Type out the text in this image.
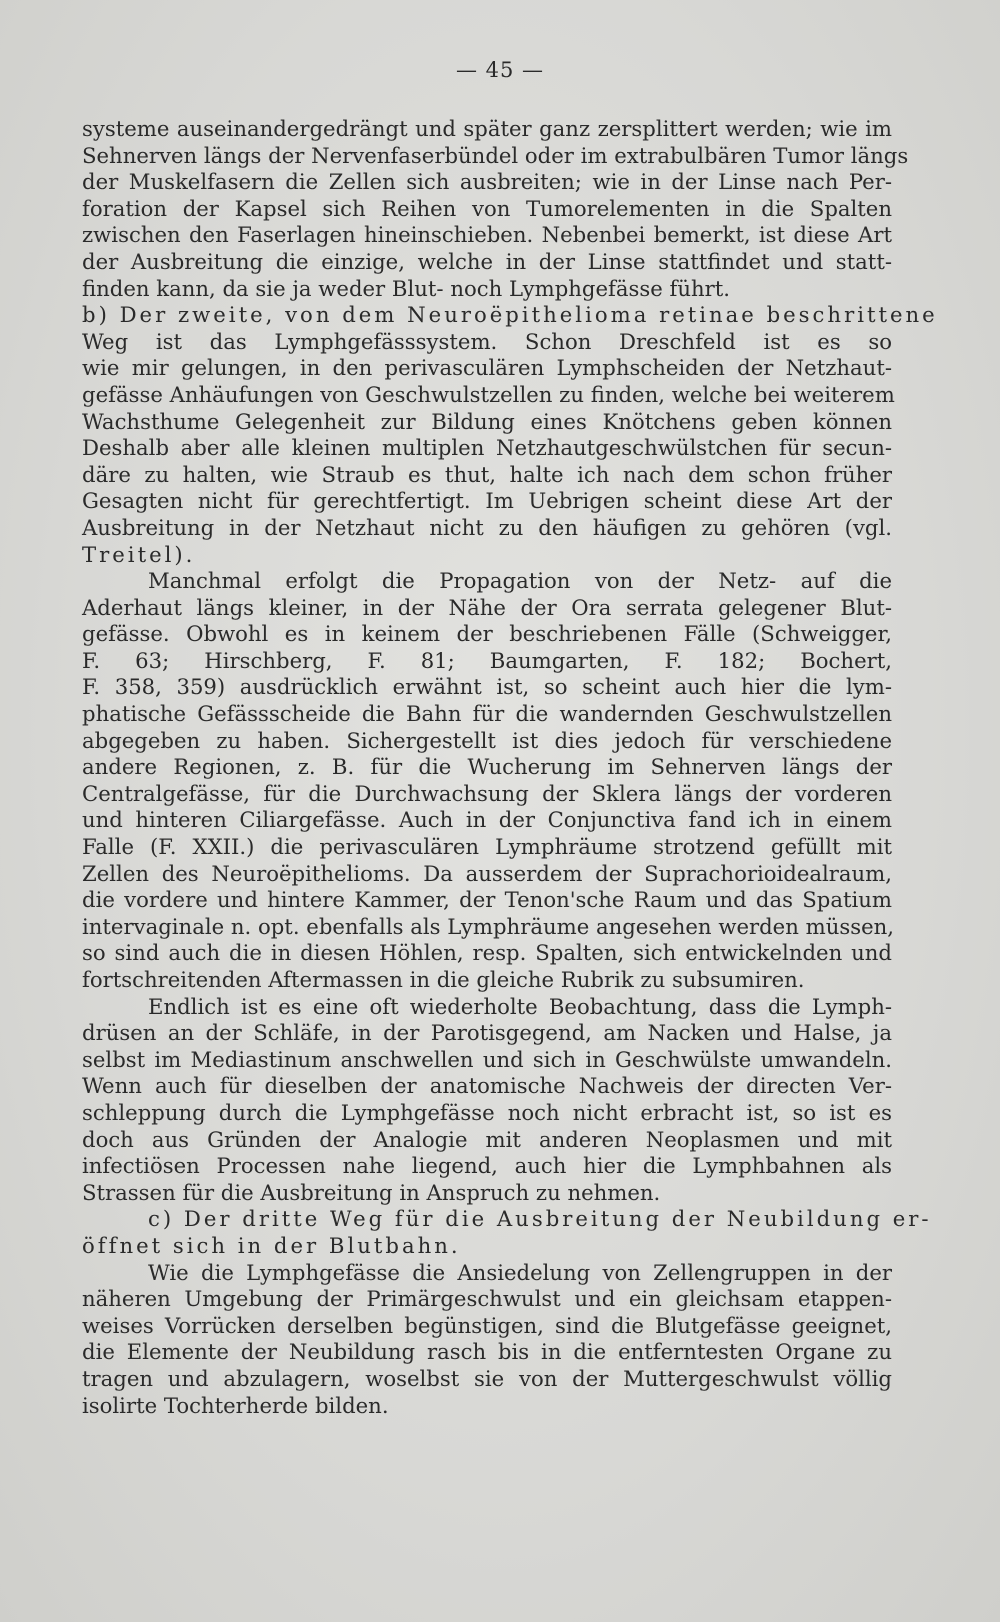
— 45 —
systeme auseinandergedrängt und später ganz zersplittert werden; wie im
Sehnerven längs der Nervenfaserbündel oder im extrabulbären Tumor längs
der Muskelfasern die Zellen sich ausbreiten; wie in der Linse nach Per-
foration der Kapsel sich Reihen von Tumorelementen in die Spalten
zwischen den Faserlagen hineinschieben. Nebenbei bemerkt, ist diese Art
der Ausbreitung die einzige, welche in der Linse stattfindet und statt-
finden kann, da sie ja weder Blut- noch Lymphgefässe führt.
b) Der zweite, von dem Neuroëpithelioma retinae beschrittene
Weg ist das Lymphgefässsystem. Schon Dreschfeld ist es so
wie mir gelungen, in den perivasculären Lymphscheiden der Netzhaut-
gefässe Anhäufungen von Geschwulstzellen zu finden, welche bei weiterem
Wachsthume Gelegenheit zur Bildung eines Knötchens geben können
Deshalb aber alle kleinen multiplen Netzhautgeschwülstchen für secun-
däre zu halten, wie Straub es thut, halte ich nach dem schon früher
Gesagten nicht für gerechtfertigt. Im Uebrigen scheint diese Art der
Ausbreitung in der Netzhaut nicht zu den häufigen zu gehören (vgl.
Treitel).
Manchmal erfolgt die Propagation von der Netz- auf die
Aderhaut längs kleiner, in der Nähe der Ora serrata gelegener Blut-
gefässe. Obwohl es in keinem der beschriebenen Fälle (Schweigger,
F. 63; Hirschberg, F. 81; Baumgarten, F. 182; Bochert,
F. 358, 359) ausdrücklich erwähnt ist, so scheint auch hier die lym-
phatische Gefässscheide die Bahn für die wandernden Geschwulstzellen
abgegeben zu haben. Sichergestellt ist dies jedoch für verschiedene
andere Regionen, z. B. für die Wucherung im Sehnerven längs der
Centralgefässe, für die Durchwachsung der Sklera längs der vorderen
und hinteren Ciliargefässe. Auch in der Conjunctiva fand ich in einem
Falle (F. XXII.) die perivasculären Lymphräume strotzend gefüllt mit
Zellen des Neuroëpithelioms. Da ausserdem der Suprachorioidealraum,
die vordere und hintere Kammer, der Tenon'sche Raum und das Spatium
intervaginale n. opt. ebenfalls als Lymphräume angesehen werden müssen,
so sind auch die in diesen Höhlen, resp. Spalten, sich entwickelnden und
fortschreitenden Aftermassen in die gleiche Rubrik zu subsumiren.
Endlich ist es eine oft wiederholte Beobachtung, dass die Lymph-
drüsen an der Schläfe, in der Parotisgegend, am Nacken und Halse, ja
selbst im Mediastinum anschwellen und sich in Geschwülste umwandeln.
Wenn auch für dieselben der anatomische Nachweis der directen Ver-
schleppung durch die Lymphgefässe noch nicht erbracht ist, so ist es
doch aus Gründen der Analogie mit anderen Neoplasmen und mit
infectiösen Processen nahe liegend, auch hier die Lymphbahnen als
Strassen für die Ausbreitung in Anspruch zu nehmen.
c) Der dritte Weg für die Ausbreitung der Neubildung er-
öffnet sich in der Blutbahn.
Wie die Lymphgefässe die Ansiedelung von Zellengruppen in der
näheren Umgebung der Primärgeschwulst und ein gleichsam etappen-
weises Vorrücken derselben begünstigen, sind die Blutgefässe geeignet,
die Elemente der Neubildung rasch bis in die entferntesten Organe zu
tragen und abzulagern, woselbst sie von der Muttergeschwulst völlig
isolirte Tochterherde bilden.
